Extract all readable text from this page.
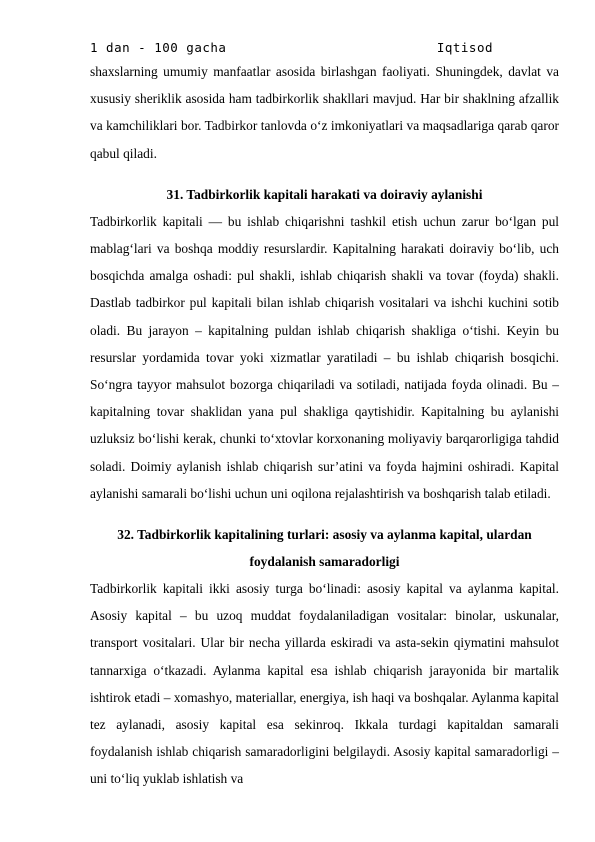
1 dan - 100 gacha	Iqtisod

shaxslarning umumiy manfaatlar asosida birlashgan faoliyati. Shuningdek, davlat va xususiy sheriklik asosida ham tadbirkorlik shakllari mavjud. Har bir shaklning afzallik va kamchiliklari bor. Tadbirkor tanlovda o‘z imkoniyatlari va maqsadlariga qarab qaror qabul qiladi.

31. Tadbirkorlik kapitali harakati va doiraviy aylanishi

Tadbirkorlik kapitali — bu ishlab chiqarishni tashkil etish uchun zarur bo‘lgan pul mablag‘lari va boshqa moddiy resurslardir. Kapitalning harakati doiraviy bo‘lib, uch bosqichda amalga oshadi: pul shakli, ishlab chiqarish shakli va tovar (foyda) shakli. Dastlab tadbirkor pul kapitali bilan ishlab chiqarish vositalari va ishchi kuchini sotib oladi. Bu jarayon – kapitalning puldan ishlab chiqarish shakliga o‘tishi. Keyin bu resurslar yordamida tovar yoki xizmatlar yaratiladi – bu ishlab chiqarish bosqichi. So‘ngra tayyor mahsulot bozorga chiqariladi va sotiladi, natijada foyda olinadi. Bu – kapitalning tovar shaklidan yana pul shakliga qaytishidir. Kapitalning bu aylanishi uzluksiz bo‘lishi kerak, chunki to‘xtovlar korxonaning moliyaviy barqarorligiga tahdid soladi. Doimiy aylanish ishlab chiqarish sur’atini va foyda hajmini oshiradi. Kapital aylanishi samarali bo‘lishi uchun uni oqilona rejalashtirish va boshqarish talab etiladi.

32. Tadbirkorlik kapitalining turlari: asosiy va aylanma kapital, ulardan foydalanish samaradorligi

Tadbirkorlik kapitali ikki asosiy turga bo‘linadi: asosiy kapital va aylanma kapital. Asosiy kapital – bu uzoq muddat foydalaniladigan vositalar: binolar, uskunalar, transport vositalari. Ular bir necha yillarda eskiradi va asta-sekin qiymatini mahsulot tannarxiga o‘tkazadi. Aylanma kapital esa ishlab chiqarish jarayonida bir martalik ishtirok etadi – xomashyo, materiallar, energiya, ish haqi va boshqalar. Aylanma kapital tez aylanadi, asosiy kapital esa sekinroq. Ikkala turdagi kapitaldan samarali foydalanish ishlab chiqarish samaradorligini belgilaydi. Asosiy kapital samaradorligi – uni to‘liq yuklab ishlatish va
